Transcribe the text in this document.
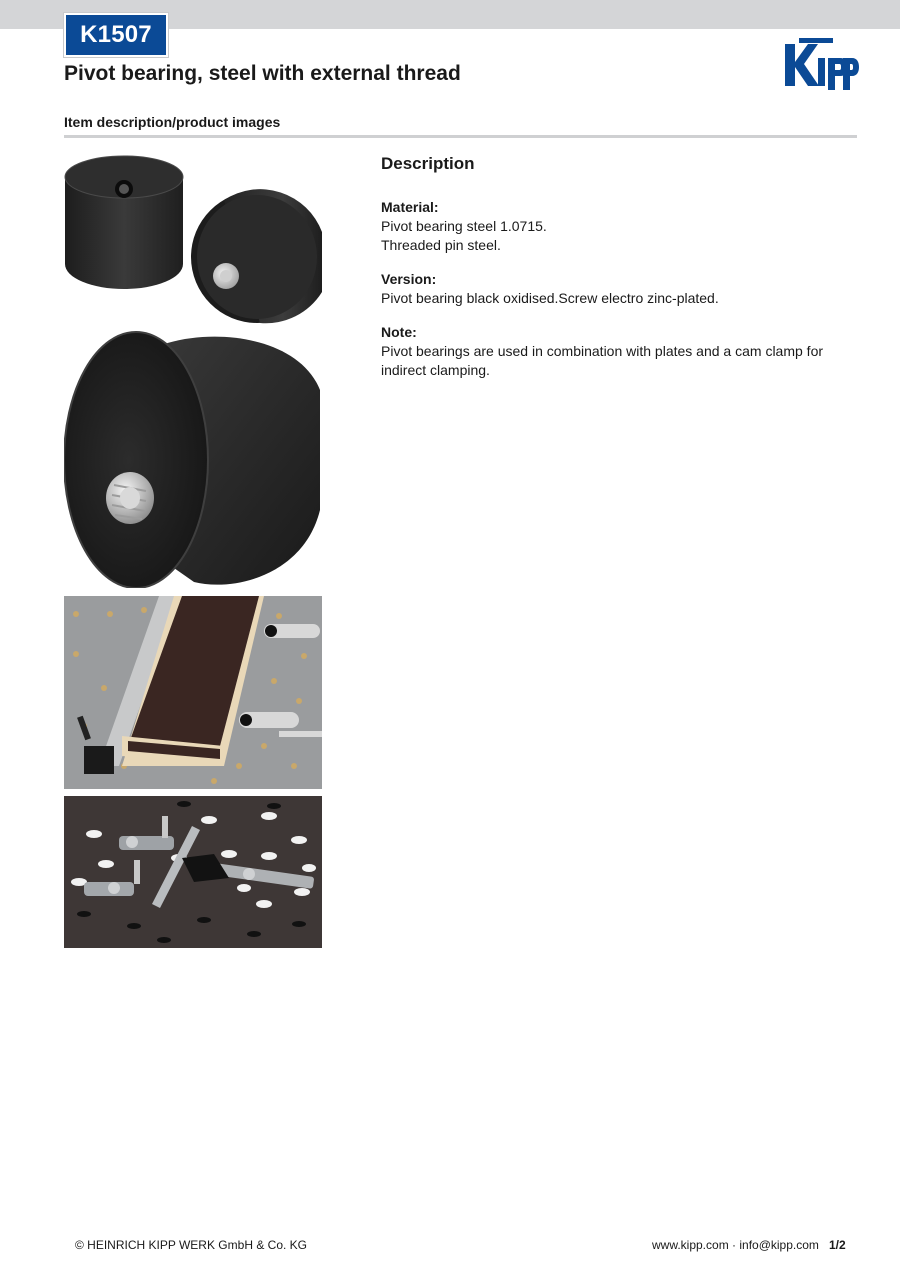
K1507
Pivot bearing, steel with external thread
Item description/product images
Description
Material:
Pivot bearing steel 1.0715.
Threaded pin steel.
Version:
Pivot bearing black oxidised.Screw electro zinc-plated.
Note:
Pivot bearings are used in combination with plates and a cam clamp for indirect clamping.
© HEINRICH KIPP WERK GmbH & Co. KG	www.kipp.com · info@kipp.com 1/2
